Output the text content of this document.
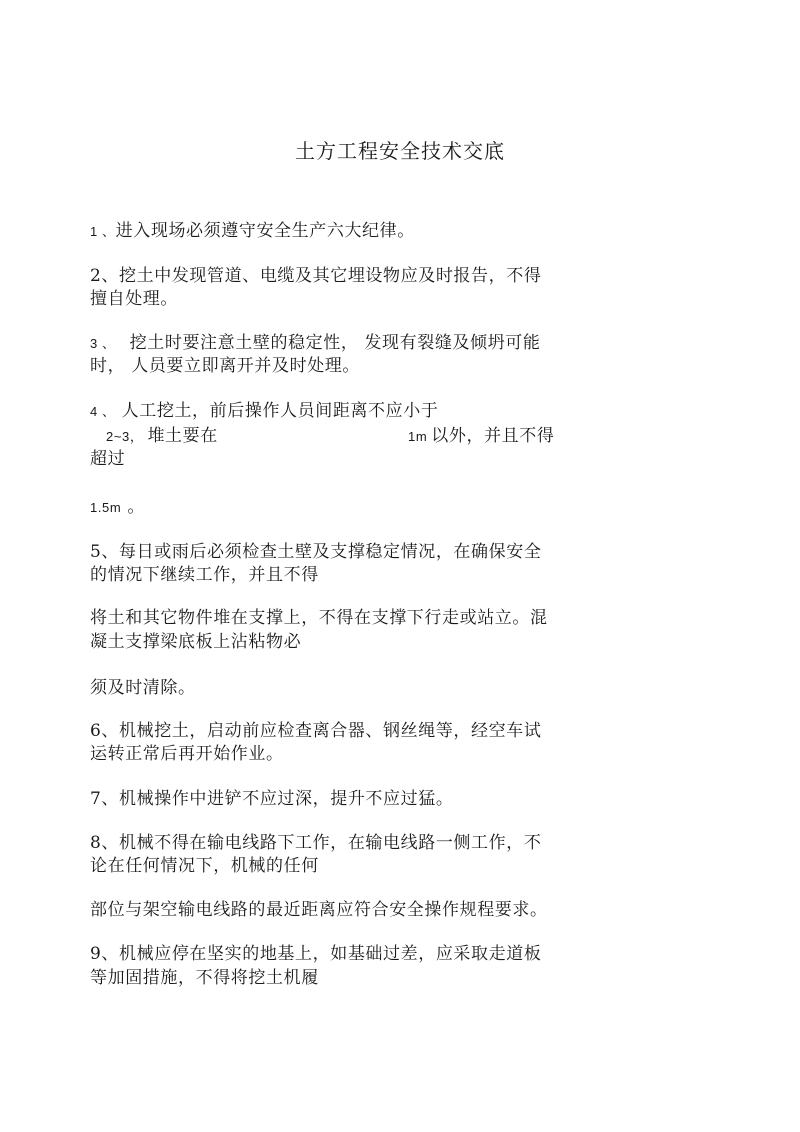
土方工程安全技术交底
1 、进入现场必须遵守安全生产六大纪律。
2、挖土中发现管道、电缆及其它埋设物应及时报告，不得
擅自处理。
3 、 挖土时要注意土壁的稳定性， 发现有裂缝及倾坍可能
时， 人员要立即离开并及时处理。
4 、 人工挖土，前后操作人员间距离不应小于
2~3， 堆土要在	1m 以外，并且不得
超过
1.5m 。
5、每日或雨后必须检查土壁及支撑稳定情况，在确保安全
的情况下继续工作，并且不得
将土和其它物件堆在支撑上，不得在支撑下行走或站立。混
凝土支撑梁底板上沾粘物必
须及时清除。
6、机械挖土，启动前应检查离合器、钢丝绳等，经空车试
运转正常后再开始作业。
7、机械操作中进铲不应过深，提升不应过猛。
8、机械不得在输电线路下工作，在输电线路一侧工作，不
论在任何情况下，机械的任何
部位与架空输电线路的最近距离应符合安全操作规程要求。
9、机械应停在坚实的地基上，如基础过差，应采取走道板
等加固措施，不得将挖土机履
